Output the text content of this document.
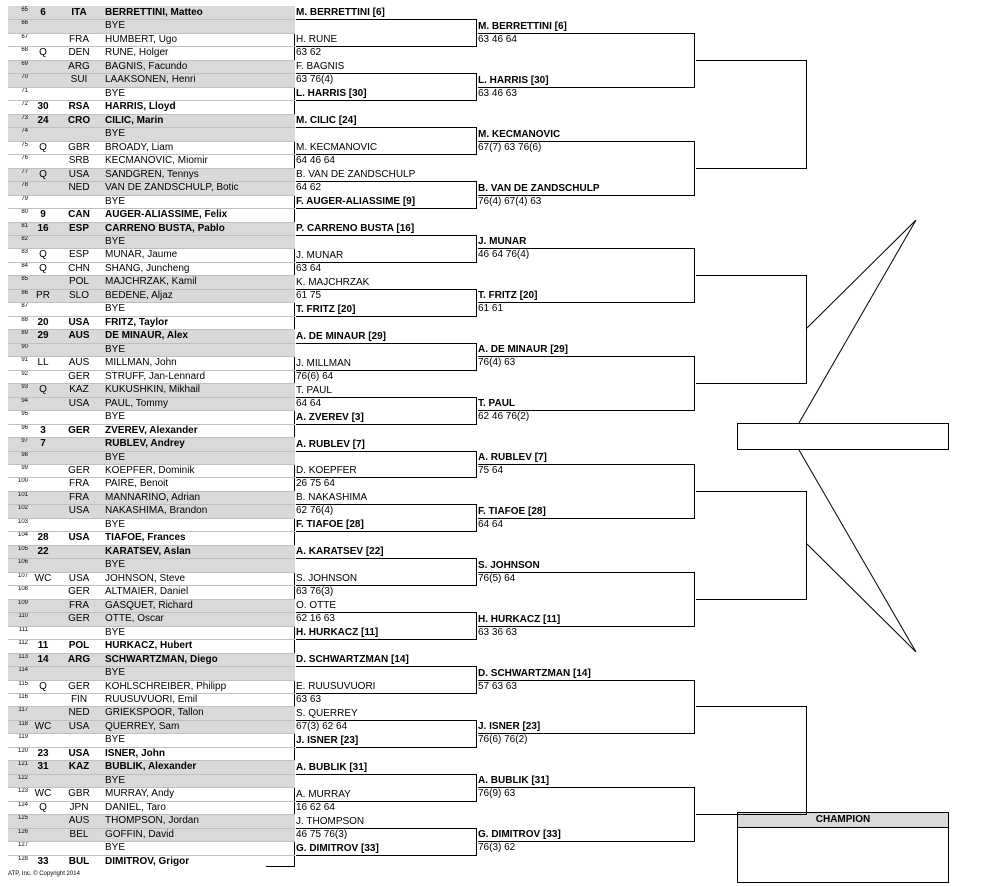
CHAMPION
ATP, Inc. © Copyright 2014
65	6	ITA	BERRETTINI, Matteo
66	BYE
67	FRA	HUMBERT, Ugo
68	Q	DEN	RUNE, Holger
69	ARG	BAGNIS, Facundo
70	SUI	LAAKSONEN, Henri
71	BYE
72 30	RSA	HARRIS, Lloyd
73 24	CRO	CILIC, Marin
74	BYE
75	Q	GBR	BROADY, Liam
76	SRB	KECMANOVIC, Miomir
77	Q	USA	SANDGREN, Tennys
78	NED	VAN DE ZANDSCHULP, Botic
79	BYE
80	9	CAN	AUGER-ALIASSIME, Felix
81 16	ESP	CARRENO BUSTA, Pablo
82	BYE
83	Q	ESP	MUNAR, Jaume
84	Q	CHN	SHANG, Juncheng
85	POL	MAJCHRZAK, Kamil
86 PR	SLO	BEDENE, Aljaz
87	BYE
88 20	USA	FRITZ, Taylor
89 29	AUS	DE MINAUR, Alex
90	BYE
91 LL	AUS	MILLMAN, John
92	GER	STRUFF, Jan-Lennard
93	Q	KAZ	KUKUSHKIN, Mikhail
94	USA	PAUL, Tommy
95	BYE
96	3	GER	ZVEREV, Alexander
97	7	RUBLEV, Andrey
98	BYE
99	GER	KOEPFER, Dominik
100	FRA	PAIRE, Benoit
101	FRA	MANNARINO, Adrian
102	USA	NAKASHIMA, Brandon
103	BYE
104 28	USA	TIAFOE, Frances
105 22	KARATSEV, Aslan
106	BYE
107 WC	USA	JOHNSON, Steve
108	GER	ALTMAIER, Daniel
109	FRA	GASQUET, Richard
110	GER	OTTE, Oscar
111	BYE
112 11	POL	HURKACZ, Hubert
113 14	ARG	SCHWARTZMAN, Diego
114	BYE
115	Q	GER	KOHLSCHREIBER, Philipp
116	FIN	RUUSUVUORI, Emil
117	NED	GRIEKSPOOR, Tallon
118 WC	USA	QUERREY, Sam
119	BYE
120 23	USA	ISNER, John
121 31	KAZ	BUBLIK, Alexander
122	BYE
123 WC	GBR	MURRAY, Andy
124	Q	JPN	DANIEL, Taro
125	AUS	THOMPSON, Jordan
126	BEL	GOFFIN, David
127	BYE
128 33	BUL	DIMITROV, Grigor
M. BERRETTINI [6]
H. RUNE
63 62
F. BAGNIS
63 76(4)
L. HARRIS [30]
M. CILIC [24]
M. KECMANOVIC
64 46 64
B. VAN DE ZANDSCHULP
64 62
F. AUGER-ALIASSIME [9]
P. CARRENO BUSTA [16]
J. MUNAR
63 64
K. MAJCHRZAK
61 75
T. FRITZ [20]
A. DE MINAUR [29]
J. MILLMAN
76(6) 64
T. PAUL
64 64
A. ZVEREV [3]
A. RUBLEV [7]
D. KOEPFER
26 75 64
B. NAKASHIMA
62 76(4)
F. TIAFOE [28]
A. KARATSEV [22]
S. JOHNSON
63 76(3)
O. OTTE
62 16 63
H. HURKACZ [11]
D. SCHWARTZMAN [14]
E. RUUSUVUORI
63 63
S. QUERREY
67(3) 62 64
J. ISNER [23]
A. BUBLIK [31]
A. MURRAY
16 62 64
J. THOMPSON
46 75 76(3)
G. DIMITROV [33]
M. BERRETTINI [6]
63 46 64
L. HARRIS [30]
63 46 63
M. KECMANOVIC
67(7) 63 76(6)
B. VAN DE ZANDSCHULP
76(4) 67(4) 63
J. MUNAR
46 64 76(4)
T. FRITZ [20]
61 61
A. DE MINAUR [29]
76(4) 63
T. PAUL
62 46 76(2)
A. RUBLEV [7]
75 64
F. TIAFOE [28]
64 64
S. JOHNSON
76(5) 64
H. HURKACZ [11]
63 36 63
D. SCHWARTZMAN [14]
57 63 63
J. ISNER [23]
76(6) 76(2)
A. BUBLIK [31]
76(9) 63
G. DIMITROV [33]
76(3) 62
